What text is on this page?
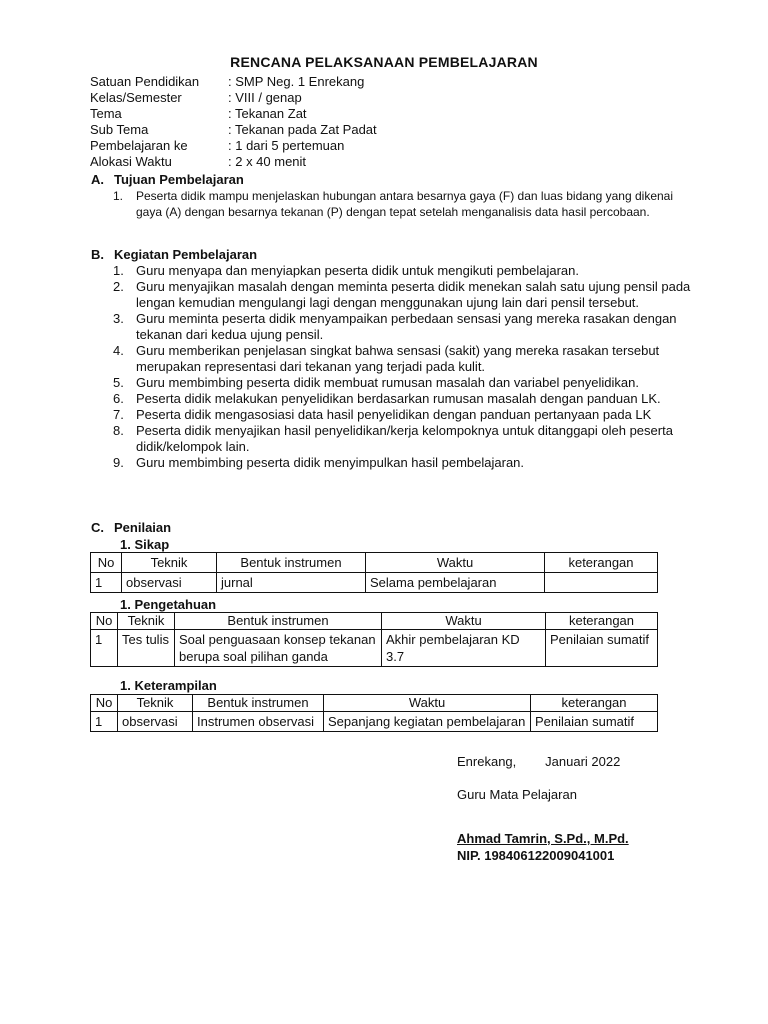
RENCANA PELAKSANAAN PEMBELAJARAN
Satuan Pendidikan	: SMP Neg. 1 Enrekang
Kelas/Semester	: VIII / genap
Tema	: Tekanan Zat
Sub Tema	: Tekanan pada Zat Padat
Pembelajaran ke	: 1 dari 5 pertemuan
Alokasi Waktu	: 2 x 40 menit
A. Tujuan Pembelajaran
1. Peserta didik mampu menjelaskan hubungan antara besarnya gaya (F) dan luas bidang yang dikenai gaya (A) dengan besarnya tekanan (P) dengan tepat setelah menganalisis data hasil percobaan.
B. Kegiatan Pembelajaran
1. Guru menyapa dan menyiapkan peserta didik untuk mengikuti pembelajaran.
2. Guru menyajikan masalah dengan meminta peserta didik menekan salah satu ujung pensil pada lengan kemudian mengulangi lagi dengan menggunakan ujung lain dari pensil tersebut.
3. Guru meminta peserta didik menyampaikan perbedaan sensasi yang mereka rasakan dengan tekanan dari kedua ujung pensil.
4. Guru memberikan penjelasan singkat bahwa sensasi (sakit) yang mereka rasakan tersebut merupakan representasi dari tekanan yang terjadi pada kulit.
5. Guru membimbing peserta didik membuat rumusan masalah dan variabel penyelidikan.
6. Peserta didik melakukan penyelidikan berdasarkan rumusan masalah dengan panduan LK.
7. Peserta didik mengasosiasi data hasil penyelidikan dengan panduan pertanyaan pada LK
8. Peserta didik menyajikan hasil penyelidikan/kerja kelompoknya untuk ditanggapi oleh peserta didik/kelompok lain.
9. Guru membimbing peserta didik menyimpulkan hasil pembelajaran.
C. Penilaian
1. Sikap
No	Teknik	Bentuk instrumen	Waktu	keterangan
1	observasi	jurnal	Selama pembelajaran	
1. Pengetahuan
No	Teknik	Bentuk instrumen	Waktu	keterangan
1	Tes tulis	Soal penguasaan konsep tekanan berupa soal pilihan ganda	Akhir pembelajaran KD 3.7	Penilaian sumatif
1. Keterampilan
No	Teknik	Bentuk instrumen	Waktu	keterangan
1	observasi	Instrumen observasi	Sepanjang kegiatan pembelajaran	Penilaian sumatif
Enrekang,        Januari 2022
Guru Mata Pelajaran
Ahmad Tamrin, S.Pd., M.Pd.
NIP. 198406122009041001
